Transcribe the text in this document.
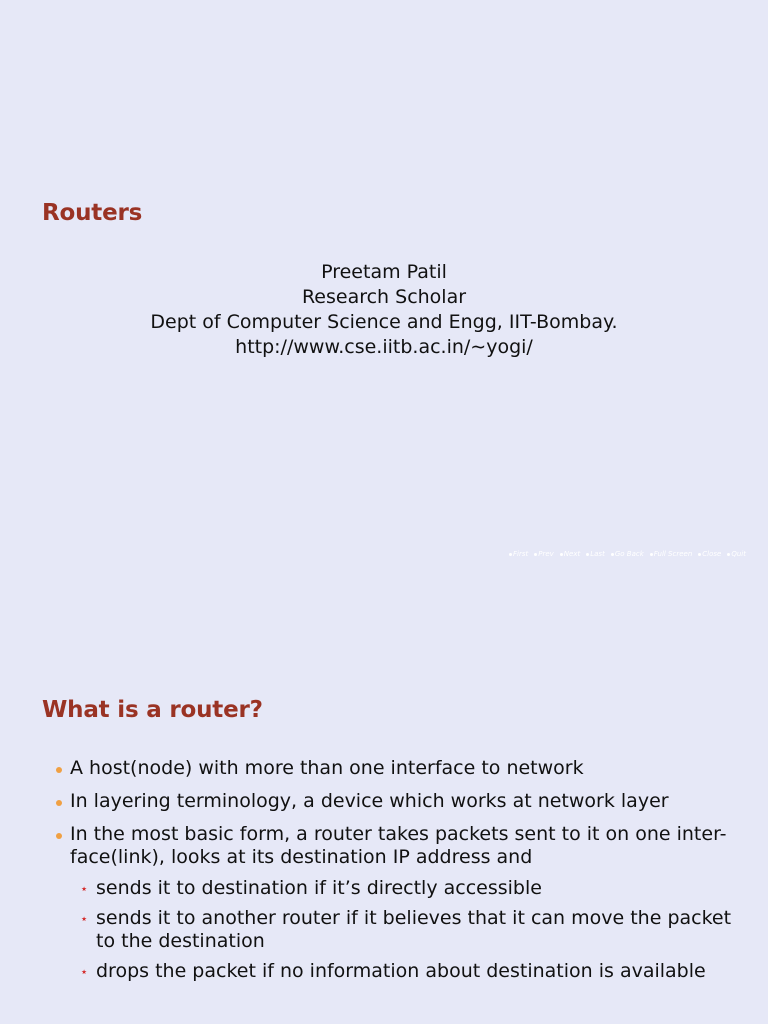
Routers
Preetam Patil
Research Scholar
Dept of Computer Science and Engg, IIT-Bombay.
http://www.cse.iitb.ac.in/∼yogi/
First Prev Next Last Go Back Full Screen Close Quit
What is a router?
A host(node) with more than one interface to network
In layering terminology, a device which works at network layer
In the most basic form, a router takes packets sent to it on one inter-face(link), looks at its destination IP address and
⋆ sends it to destination if it’s directly accessible
⋆ sends it to another router if it believes that it can move the packet to the destination
⋆ drops the packet if no information about destination is available
